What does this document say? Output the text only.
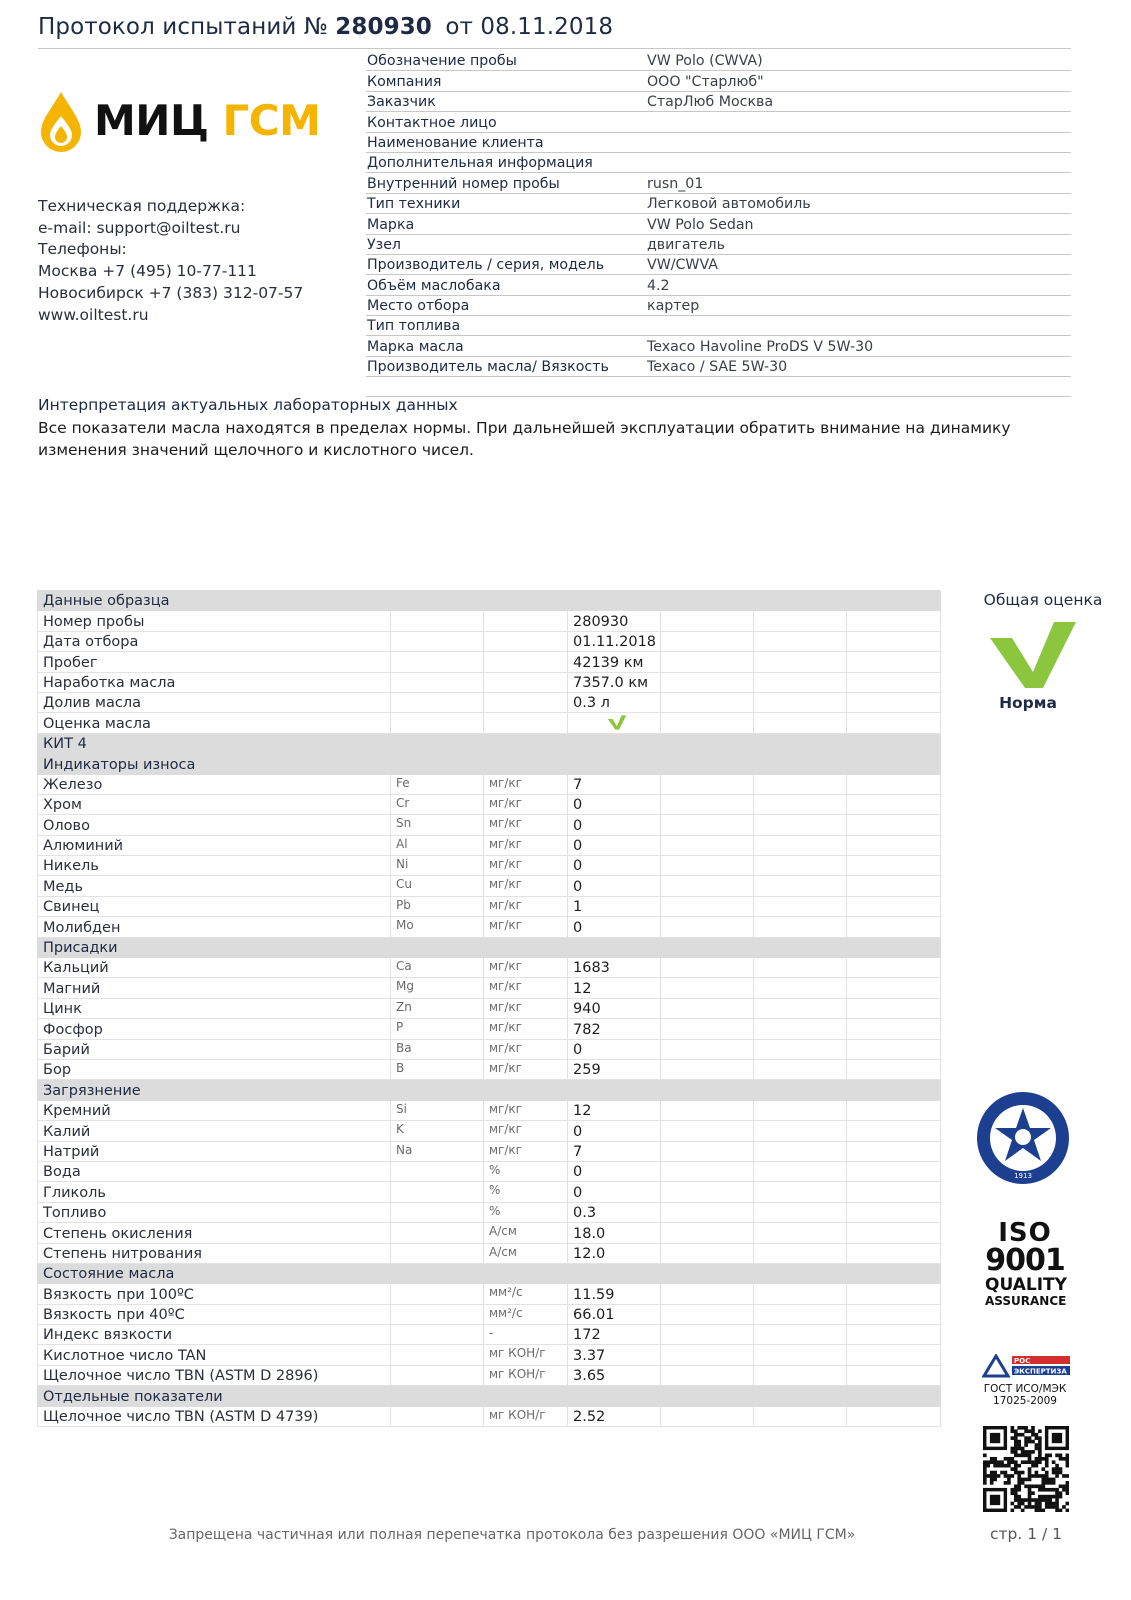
Протокол испытаний № 280930 от 08.11.2018
МИЦ ГСМ
Техническая поддержка:
e-mail: support@oiltest.ru
Телефоны:
Москва +7 (495) 10-77-111
Новосибирск +7 (383) 312-07-57
www.oiltest.ru
Обозначение пробы	VW Polo (CWVA)
Компания	ООО "Старлюб"
Заказчик	СтарЛюб Москва
Контактное лицо	
Наименование клиента	
Дополнительная информация	
Внутренний номер пробы	rusn_01
Тип техники	Легковой автомобиль
Марка	VW Polo Sedan
Узел	двигатель
Производитель / серия, модель	VW/CWVA
Объём маслобака	4.2
Место отбора	картер
Тип топлива	
Марка масла	Texaco Havoline ProDS V 5W-30
Производитель масла/ Вязкость	Texaco / SAE 5W-30
Интерпретация актуальных лабораторных данных
Все показатели масла находятся в пределах нормы. При дальнейшей эксплуатации обратить внимание на динамику изменения значений щелочного и кислотного чисел.
Данные образца						
Номер пробы			280930			
Дата отбора			01.11.2018			
Пробег			42139 км			
Наработка масла			7357.0 км			
Долив масла			0.3 л			
Оценка масла						
КИТ 4						
Индикаторы износа						
Железо	Fe	мг/кг	7			
Хром	Cr	мг/кг	0			
Олово	Sn	мг/кг	0			
Алюминий	Al	мг/кг	0			
Никель	Ni	мг/кг	0			
Медь	Cu	мг/кг	0			
Свинец	Pb	мг/кг	1			
Молибден	Mo	мг/кг	0			
Присадки						
Кальций	Ca	мг/кг	1683			
Магний	Mg	мг/кг	12			
Цинк	Zn	мг/кг	940			
Фосфор	P	мг/кг	782			
Барий	Ba	мг/кг	0			
Бор	B	мг/кг	259			
Загрязнение						
Кремний	Si	мг/кг	12			
Калий	K	мг/кг	0			
Натрий	Na	мг/кг	7			
Вода		%	0			
Гликоль		%	0			
Топливо		%	0.3			
Степень окисления		A/см	18.0			
Степень нитрования		A/см	12.0			
Состояние масла						
Вязкость при 100ºC		мм²/с	11.59			
Вязкость при 40ºC		мм²/с	66.01			
Индекс вязкости		-	172			
Кислотное число TAN		мг КОН/г	3.37			
Щелочное число TBN (ASTM D 2896)		мг КОН/г	3.65			
Отдельные показатели						
Щелочное число TBN (ASTM D 4739)		мг КОН/г	2.52			
Общая оценка
Норма
1913
ISO
9001
QUALITY
ASSURANCE
РОС
ЭКСПЕРТИЗА
ГОСТ ИСО/МЭК
17025-2009
Запрещена частичная или полная перепечатка протокола без разрешения ООО «МИЦ ГСМ»	стр. 1 / 1
